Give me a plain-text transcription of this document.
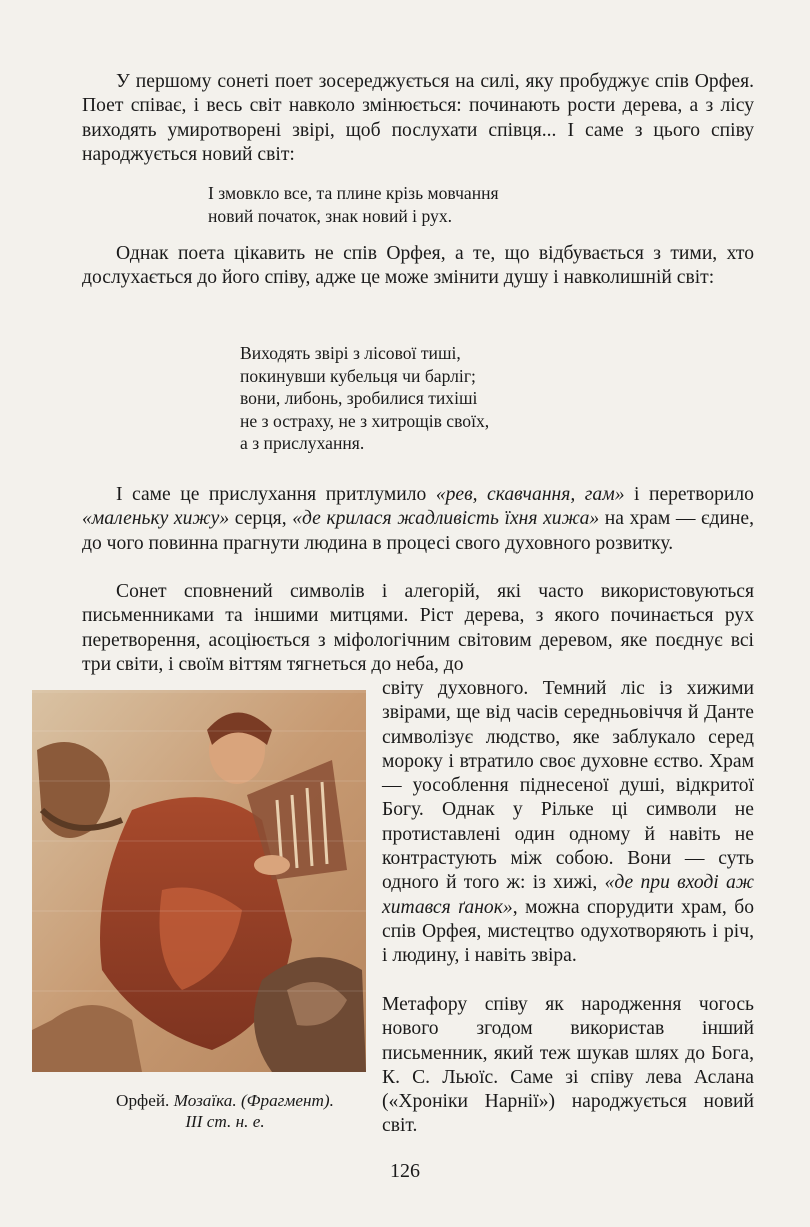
У першому сонеті поет зосереджується на силі, яку пробуджує спів Орфея. Поет співає, і весь світ навколо змінюється: починають рости дерева, а з лісу виходять умиротворені звірі, щоб послухати співця... І саме з цього співу народжується новий світ:

І змовкло все, та плине крізь мовчання
новий початок, знак новий і рух.

Однак поета цікавить не спів Орфея, а те, що відбувається з тими, хто дослухається до його співу, адже це може змінити душу і навколишній світ:

Виходять звірі з лісової тиші,
покинувши кубельця чи барліг;
вони, либонь, зробилися тихіші
не з остраху, не з хитрощів своїх,
а з прислухання.

І саме це прислухання притлумило «рев, скавчання, гам» і перетворило «маленьку хижу» серця, «де крилася жадливість їхня хижа» на храм — єдине, до чого повинна прагнути людина в процесі свого духовного розвитку.

Сонет сповнений символів і алегорій, які часто використовуються письменниками та іншими митцями. Ріст дерева, з якого починається рух перетворення, асоціюється з міфологічним світовим деревом, яке поєднує всі три світи, і своїм віттям тягнеться до неба, до

світу духовного. Темний ліс із хижими звірами, ще від часів середньовіччя й Данте символізує людство, яке заблукало серед мороку і втратило своє духовне єство. Храм — уособлення піднесеної душі, відкритої Богу. Однак у Рільке ці символи не протиставлені один одному й навіть не контрастують між собою. Вони — суть одного й того ж: із хижі, «де при вході аж хитався ґанок», можна спорудити храм, бо спів Орфея, мистецтво одухотворяють і річ, і людину, і навіть звіра.

Метафору співу як народження чогось нового згодом використав інший письменник, який теж шукав шлях до Бога, К. С. Льюїс. Саме зі співу лева Аслана («Хроніки Нарнії») народжується новий світ.

Орфей. Мозаїка. (Фрагмент).
III ст. н. е.
126
